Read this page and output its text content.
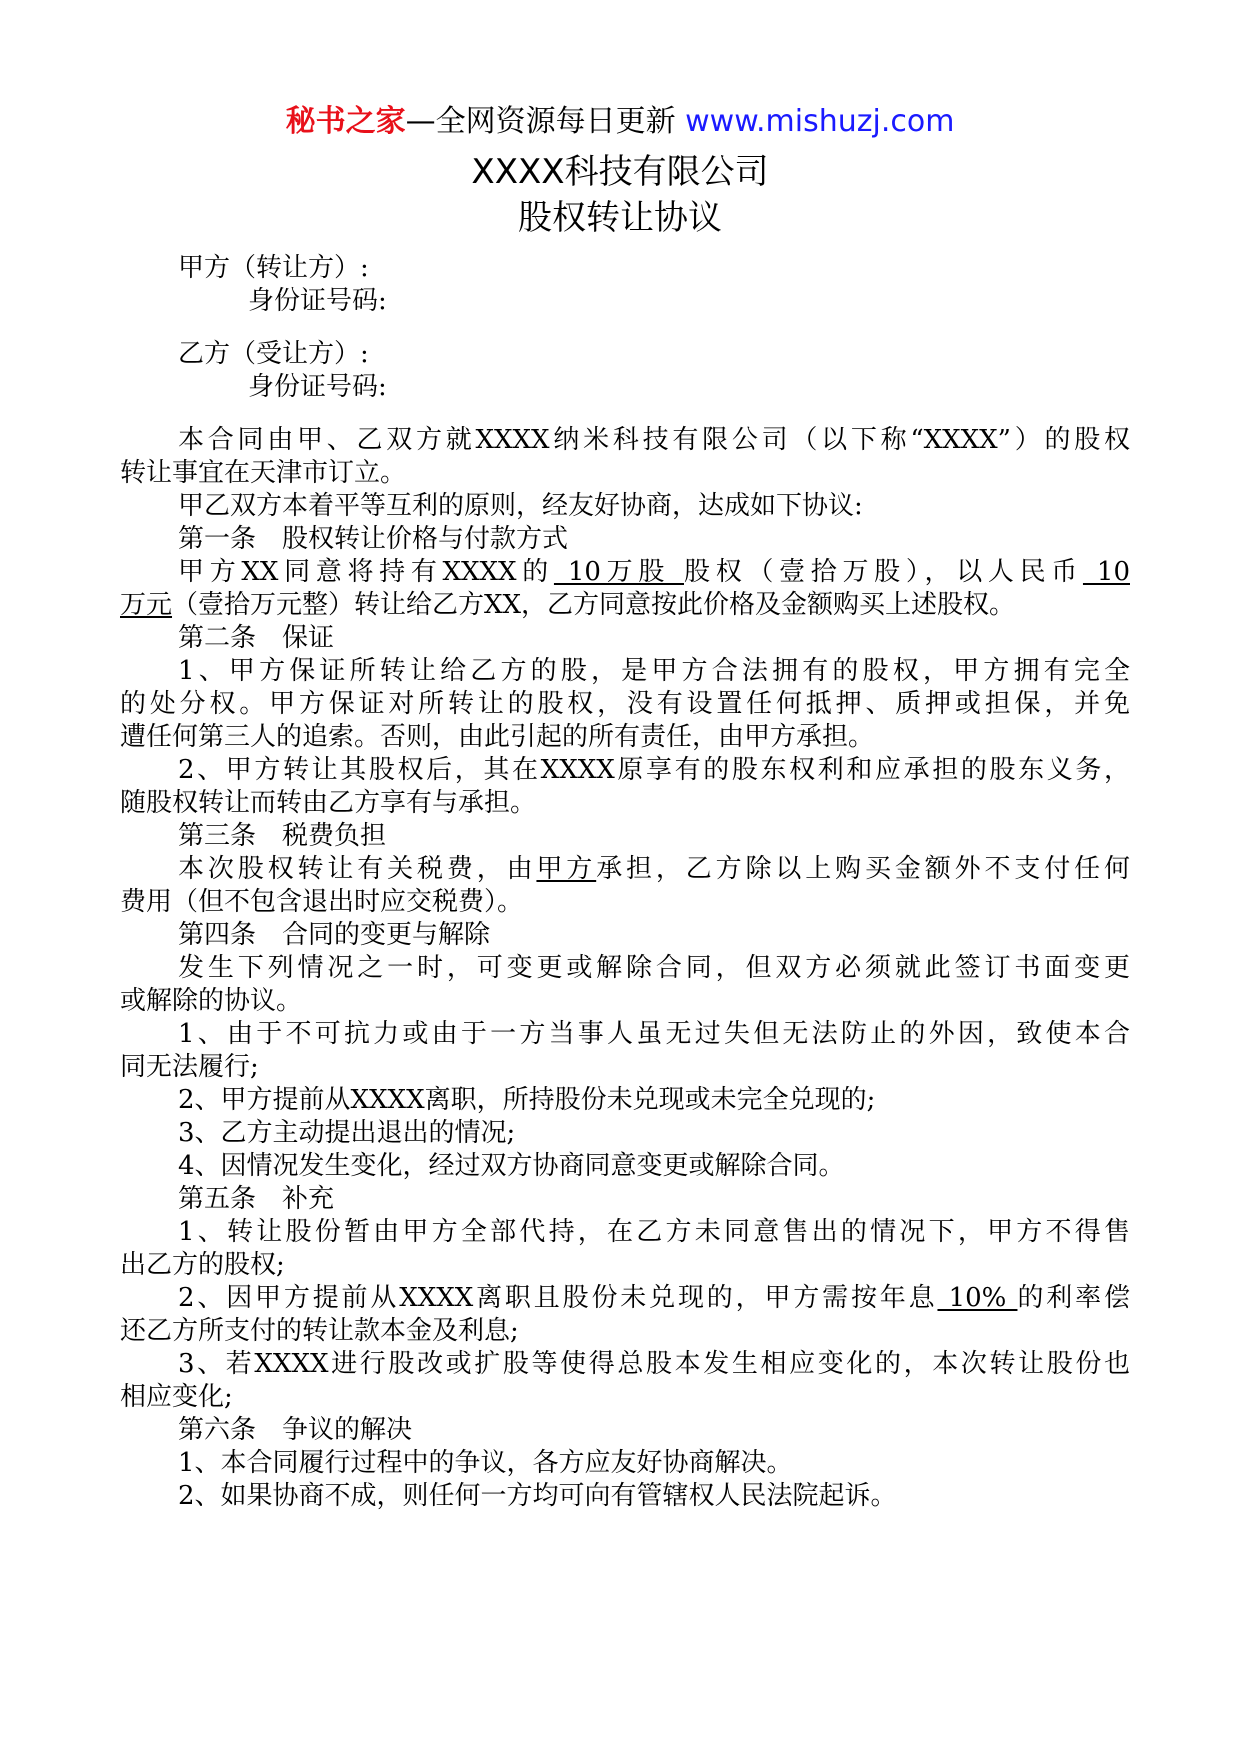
秘书之家—全网资源每日更新 www.mishuzj.com
XXXX科技有限公司
股权转让协议
甲方（转让方）:
身份证号码:
乙方（受让方）:
身份证号码:
本合同由甲、乙双方就XXXX纳米科技有限公司（以下称“XXXX”）的股权
转让事宜在天津市订立。
甲乙双方本着平等互利的原则，经友好协商，达成如下协议:
第一条　股权转让价格与付款方式
甲方XX同意将持有XXXX的 10万股 股权（壹拾万股），以人民币 10
万元（壹拾万元整）转让给乙方XX，乙方同意按此价格及金额购买上述股权。
第二条　保证
1、甲方保证所转让给乙方的股，是甲方合法拥有的股权，甲方拥有完全
的处分权。甲方保证对所转让的股权，没有设置任何抵押、质押或担保，并免
遭任何第三人的追索。否则，由此引起的所有责任，由甲方承担。
2、甲方转让其股权后，其在XXXX原享有的股东权利和应承担的股东义务，
随股权转让而转由乙方享有与承担。
第三条　税费负担
本次股权转让有关税费，由甲方承担，乙方除以上购买金额外不支付任何
费用（但不包含退出时应交税费）。
第四条　合同的变更与解除
发生下列情况之一时，可变更或解除合同，但双方必须就此签订书面变更
或解除的协议。
1、由于不可抗力或由于一方当事人虽无过失但无法防止的外因，致使本合
同无法履行;
2、甲方提前从XXXX离职，所持股份未兑现或未完全兑现的;
3、乙方主动提出退出的情况;
4、因情况发生变化，经过双方协商同意变更或解除合同。
第五条　补充
1、转让股份暂由甲方全部代持，在乙方未同意售出的情况下，甲方不得售
出乙方的股权;
2、因甲方提前从XXXX离职且股份未兑现的，甲方需按年息 10% 的利率偿
还乙方所支付的转让款本金及利息;
3、若XXXX进行股改或扩股等使得总股本发生相应变化的，本次转让股份也
相应变化;
第六条　争议的解决
1、本合同履行过程中的争议，各方应友好协商解决。
2、如果协商不成，则任何一方均可向有管辖权人民法院起诉。
